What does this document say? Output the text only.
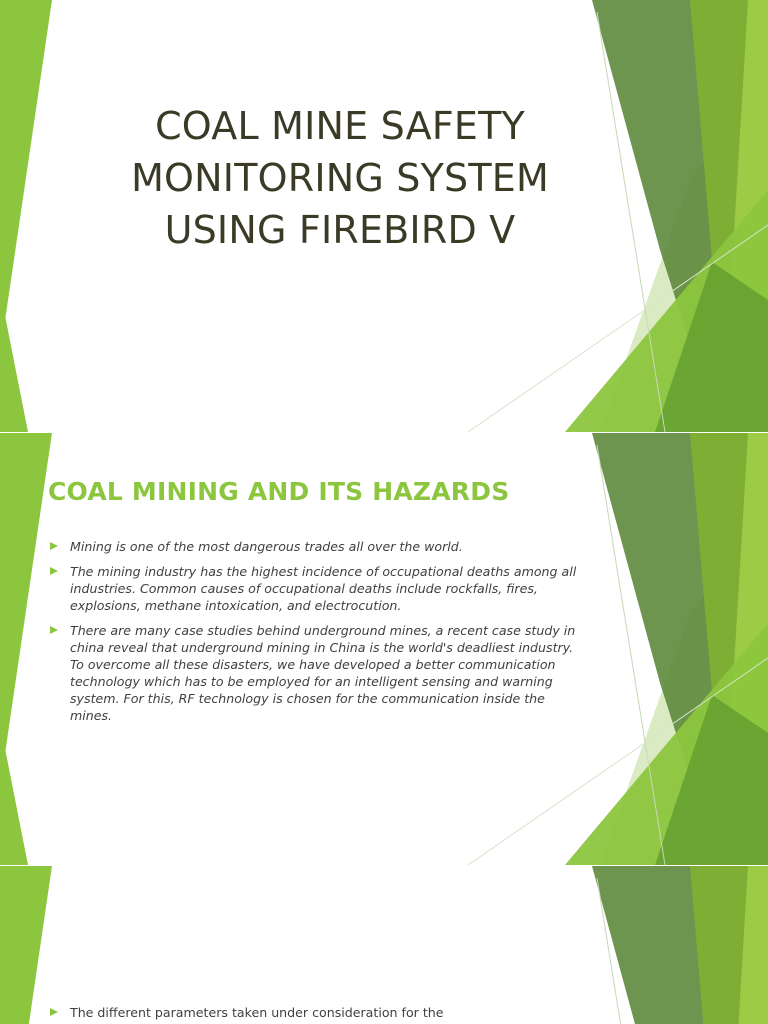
COAL MINE SAFETY
MONITORING SYSTEM
USING FIREBIRD V
COAL MINING AND ITS HAZARDS
Mining is one of the most dangerous trades all over the world.
The mining industry has the highest incidence of occupational deaths among all industries. Common causes of occupational deaths include rockfalls, fires, explosions, methane intoxication, and electrocution.
There are many case studies behind underground mines, a recent case study in china reveal that underground mining in China is the world's deadliest industry. To overcome all these disasters, we have developed a better communication technology which has to be employed for an intelligent sensing and warning system. For this, RF technology is chosen for the communication inside the mines.
The different parameters taken under consideration for the
